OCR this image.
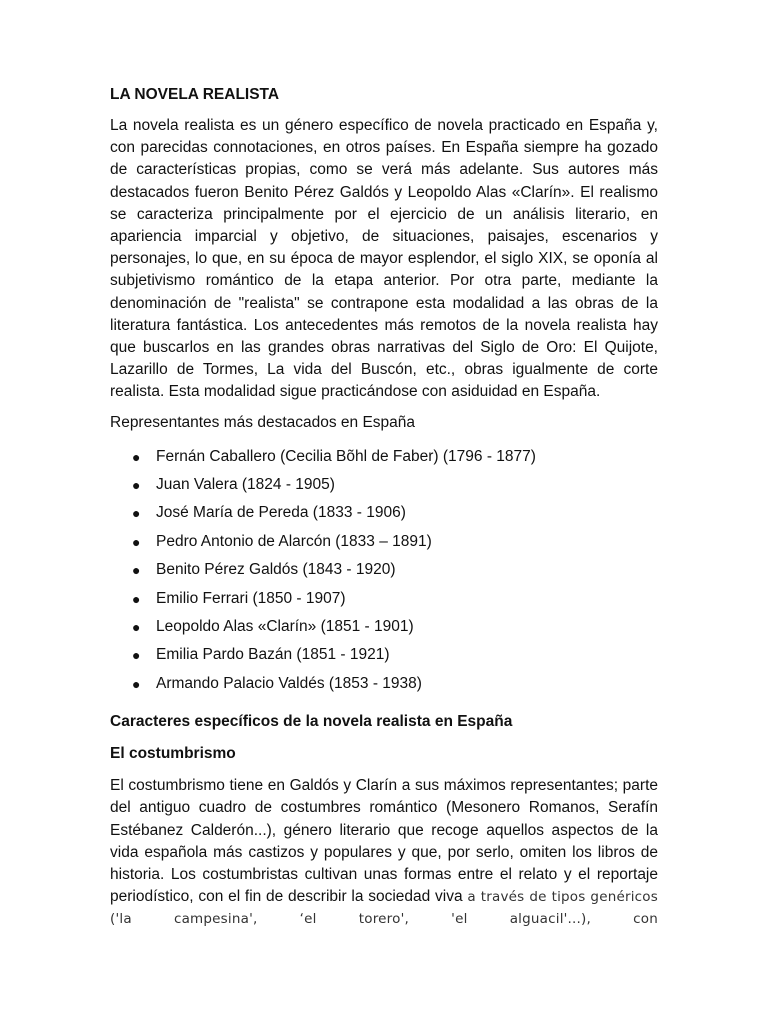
LA NOVELA REALISTA

La novela realista es un género específico de novela practicado en España y, con parecidas connotaciones, en otros países. En España siempre ha gozado de características propias, como se verá más adelante. Sus autores más destacados fueron Benito Pérez Galdós y Leopoldo Alas «Clarín». El realismo se caracteriza principalmente por el ejercicio de un análisis literario, en apariencia imparcial y objetivo, de situaciones, paisajes, escenarios y personajes, lo que, en su época de mayor esplendor, el siglo XIX, se oponía al subjetivismo romántico de la etapa anterior. Por otra parte, mediante la denominación de "realista" se contrapone esta modalidad a las obras de la literatura fantástica. Los antecedentes más remotos de la novela realista hay que buscarlos en las grandes obras narrativas del Siglo de Oro: El Quijote, Lazarillo de Tormes, La vida del Buscón, etc., obras igualmente de corte realista. Esta modalidad sigue practicándose con asiduidad en España.

Representantes más destacados en España

● Fernán Caballero (Cecilia Bõhl de Faber) (1796 - 1877)
● Juan Valera (1824 - 1905)
● José María de Pereda (1833 - 1906)
● Pedro Antonio de Alarcón (1833 – 1891)
● Benito Pérez Galdós (1843 - 1920)
● Emilio Ferrari (1850 - 1907)
● Leopoldo Alas «Clarín» (1851 - 1901)
● Emilia Pardo Bazán (1851 - 1921)
● Armando Palacio Valdés (1853 - 1938)
Caracteres específicos de la novela realista en España
El costumbrismo

El costumbrismo tiene en Galdós y Clarín a sus máximos representantes; parte del antiguo cuadro de costumbres romántico (Mesonero Romanos, Serafín Estébanez Calderón...), género literario que recoge aquellos aspectos de la vida española más castizos y populares y que, por serlo, omiten los libros de historia. Los costumbristas cultivan unas formas entre el relato y el reportaje periodístico, con el fin de describir la sociedad viva a través de tipos genéricos ('la campesina', ‘el torero', 'el alguacil'...), con
